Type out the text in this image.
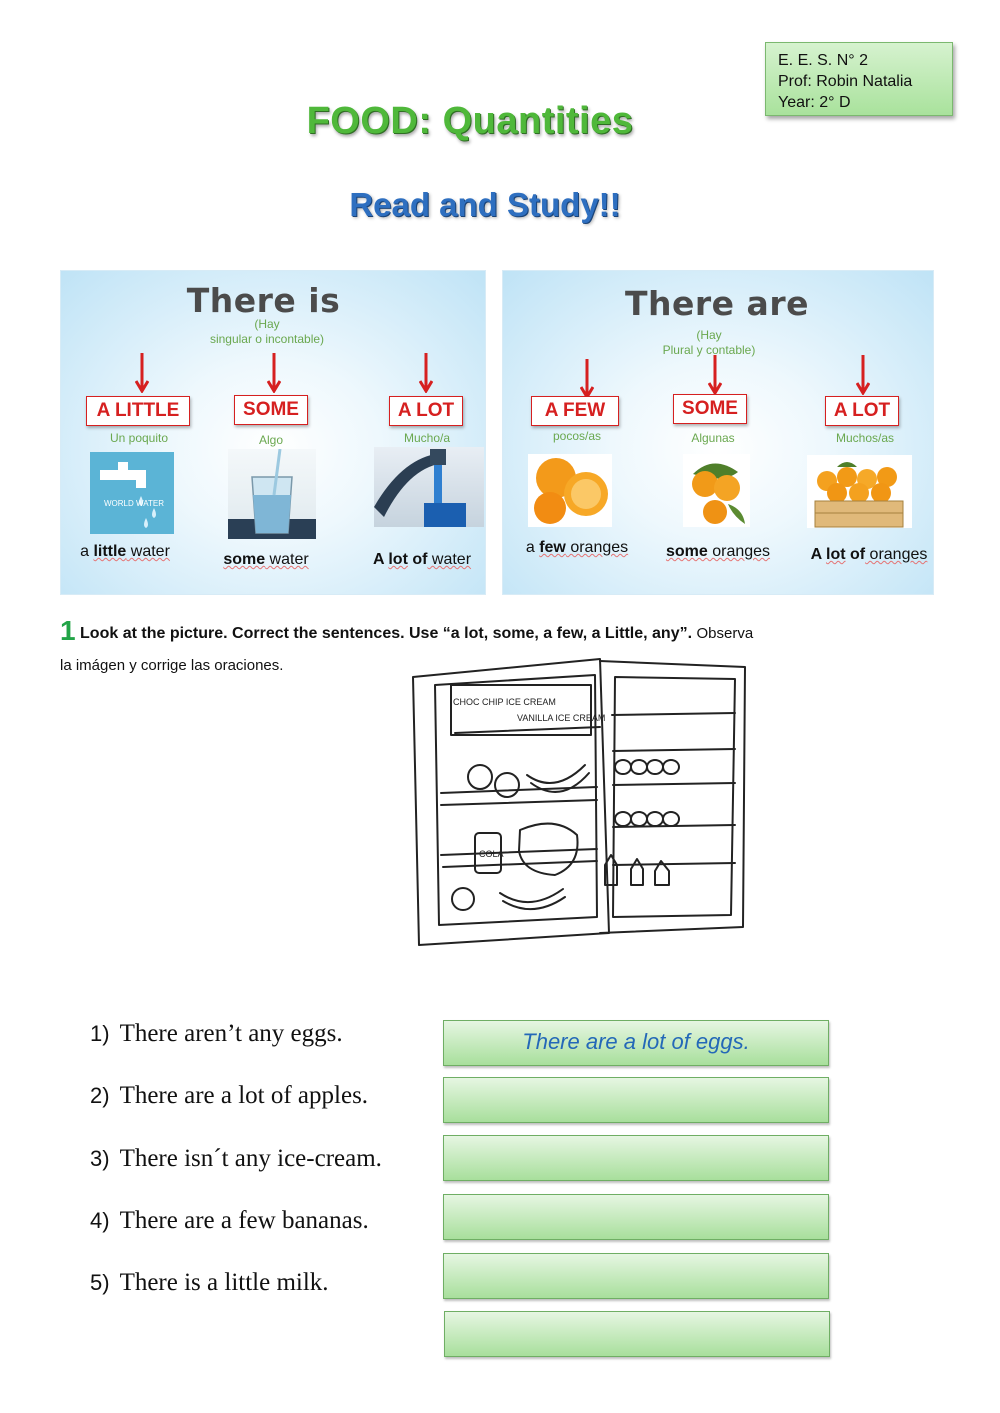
E. E. S. N° 2
Prof: Robin Natalia
Year: 2° D
FOOD: Quantities
Read and Study!!
There is
(Hay
singular o incontable)
A LITTLE	SOME	A LOT
Un poquito	Algo	Mucho/a
WORLD WATER
a little water	some water	A lot of water
There are
(Hay
Plural y contable)
A FEW	SOME	A LOT
pocos/as	Algunas	Muchos/as
a few oranges	some oranges	A lot of oranges
1 Look at the picture. Correct the sentences. Use “a lot, some, a few, a Little, any”. Observa
la imágen y corrige las oraciones.
CHOC CHIP ICE CREAM
VANILLA ICE CREAM
COLA
1) There aren’t any eggs.
2) There are a lot of apples.
3) There isn´t any ice-cream.
4) There are a few bananas.
5) There is a little milk.
There are a lot of eggs.
